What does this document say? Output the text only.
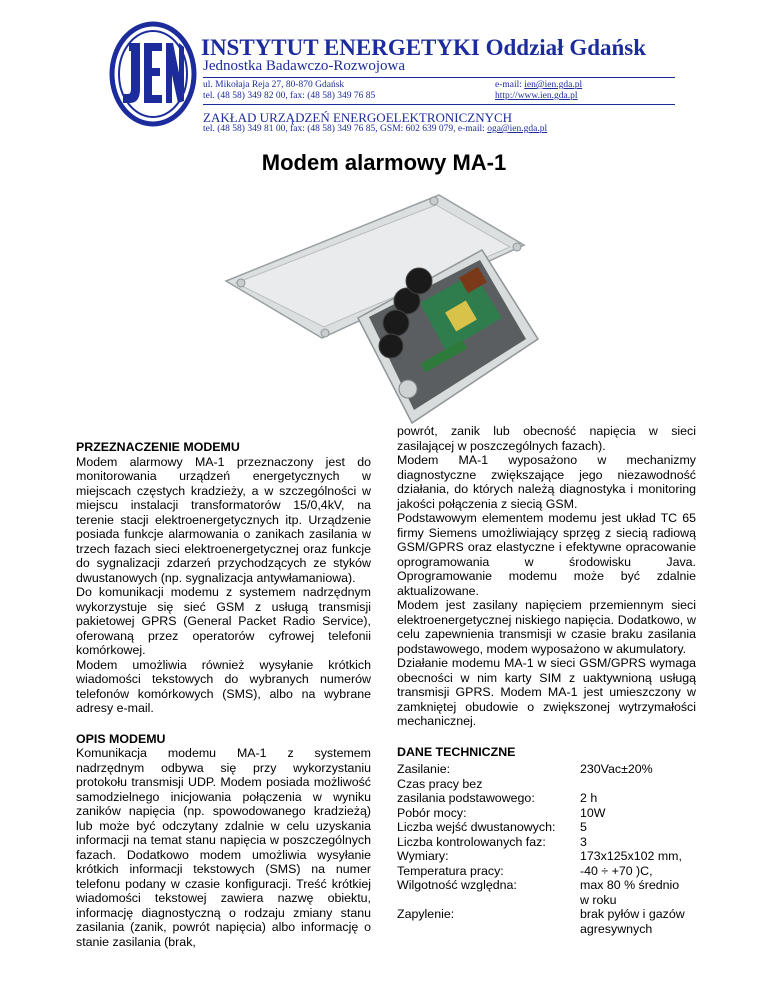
INSTYTUT ENERGETYKI Oddział Gdańsk
Jednostka Badawczo-Rozwojowa
ul. Mikołaja Reja 27, 80-870 Gdańsk
tel. (48 58) 349 82 00, fax: (48 58) 349 76 85
e-mail: ien@ien.gda.pl
http://www.ien.gda.pl
ZAKŁAD URZĄDZEŃ ENERGOELEKTRONICZNYCH
tel. (48 58) 349 81 00, fax: (48 58) 349 76 85, GSM: 602 639 079, e-mail: oga@ien.gda.pl
Modem alarmowy MA-1

PRZEZNACZENIE MODEMU

Modem alarmowy MA-1 przeznaczony jest do monitorowania urządzeń energetycznych w miejscach częstych kradzieży, a w szczególności w miejscu instalacji transformatorów 15/0,4kV, na terenie stacji elektroenergetycznych itp. Urządzenie posiada funkcje alarmowania o zanikach zasilania w trzech fazach sieci elektroenergetycznej oraz funkcje do sygnalizacji zdarzeń przychodzących ze styków dwustanowych (np. sygnalizacja antywłamaniowa).

Do komunikacji modemu z systemem nadrzędnym wykorzystuje się sieć GSM z usługą transmisji pakietowej GPRS (General Packet Radio Service), oferowaną przez operatorów cyfrowej telefonii komórkowej.

Modem umożliwia również wysyłanie krótkich wiadomości tekstowych do wybranych numerów telefonów komórkowych (SMS), albo na wybrane adresy e-mail.

OPIS MODEMU

Komunikacja modemu MA-1 z systemem nadrzędnym odbywa się przy wykorzystaniu protokołu transmisji UDP. Modem posiada możliwość samodzielnego inicjowania połączenia w wyniku zaników napięcia (np. spowodowanego kradzieżą) lub może być odczytany zdalnie w celu uzyskania informacji na temat stanu napięcia w poszczególnych fazach. Dodatkowo modem umożliwia wysyłanie krótkich informacji tekstowych (SMS) na numer telefonu podany w czasie konfiguracji. Treść krótkiej wiadomości tekstowej zawiera nazwę obiektu, informację diagnostyczną o rodzaju zmiany stanu zasilania (zanik, powrót napięcia) albo informację o stanie zasilania (brak,

powrót, zanik lub obecność napięcia w sieci zasilającej w poszczególnych fazach).

Modem MA-1 wyposażono w mechanizmy diagnostyczne zwiększające jego niezawodność działania, do których należą diagnostyka i monitoring jakości połączenia z siecią GSM.

Podstawowym elementem modemu jest układ TC 65 firmy Siemens umożliwiający sprzęg z siecią radiową GSM/GPRS oraz elastyczne i efektywne opracowanie oprogramowania w środowisku Java. Oprogramowanie modemu może być zdalnie aktualizowane.

Modem jest zasilany napięciem przemiennym sieci elektroenergetycznej niskiego napięcia. Dodatkowo, w celu zapewnienia transmisji w czasie braku zasilania podstawowego, modem wyposażono w akumulatory.

Działanie modemu MA-1 w sieci GSM/GPRS wymaga obecności w nim karty SIM z uaktywnioną usługą transmisji GPRS. Modem MA-1 jest umieszczony w zamkniętej obudowie o zwiększonej wytrzymałości mechanicznej.

DANE TECHNICZNE

Zasilanie:	230Vac±20%
Czas pracy bez	
zasilania podstawowego:	2 h
Pobór mocy:	10W
Liczba wejść dwustanowych:	5
Liczba kontrolowanych faz:	3
Wymiary:	173x125x102 mm,
Temperatura pracy:	-40 ÷ +70 )C,
Wilgotność względna:	max 80 % średnio
	w roku
Zapylenie:	brak pyłów i gazów
	agresywnych
